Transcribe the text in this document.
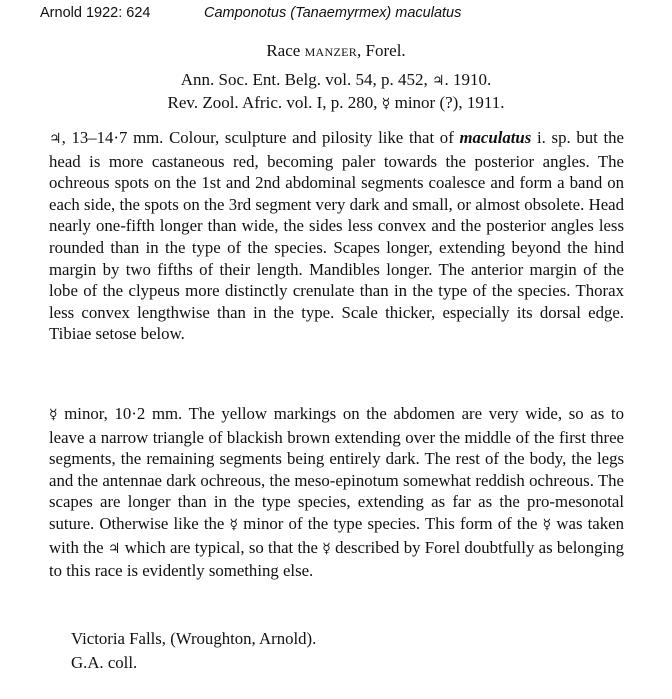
Arnold 1922: 624	Camponotus (Tanaemyrmex) maculatus
Race manzer, Forel.
Ann. Soc. Ent. Belg. vol. 54, p. 452, ♃. 1910.
Rev. Zool. Afric. vol. I, p. 280, ☿ minor (?), 1911.
♃, 13–14·7 mm. Colour, sculpture and pilosity like that of maculatus i. sp. but the head is more castaneous red, becoming paler towards the posterior angles. The ochreous spots on the 1st and 2nd abdominal segments coalesce and form a band on each side, the spots on the 3rd segment very dark and small, or almost obsolete. Head nearly one-fifth longer than wide, the sides less convex and the posterior angles less rounded than in the type of the species. Scapes longer, extending beyond the hind margin by two fifths of their length. Mandibles longer. The anterior margin of the lobe of the clypeus more distinctly crenulate than in the type of the species. Thorax less convex lengthwise than in the type. Scale thicker, especially its dorsal edge. Tibiae setose below.
☿ minor, 10·2 mm. The yellow markings on the abdomen are very wide, so as to leave a narrow triangle of blackish brown extending over the middle of the first three segments, the remaining segments being entirely dark. The rest of the body, the legs and the antennae dark ochreous, the meso-epinotum somewhat reddish ochreous. The scapes are longer than in the type species, extending as far as the pro-mesonotal suture. Otherwise like the ☿ minor of the type species. This form of the ☿ was taken with the ♃ which are typical, so that the ☿ described by Forel doubtfully as belonging to this race is evidently something else.
Victoria Falls, (Wroughton, Arnold).
G.A. coll.
